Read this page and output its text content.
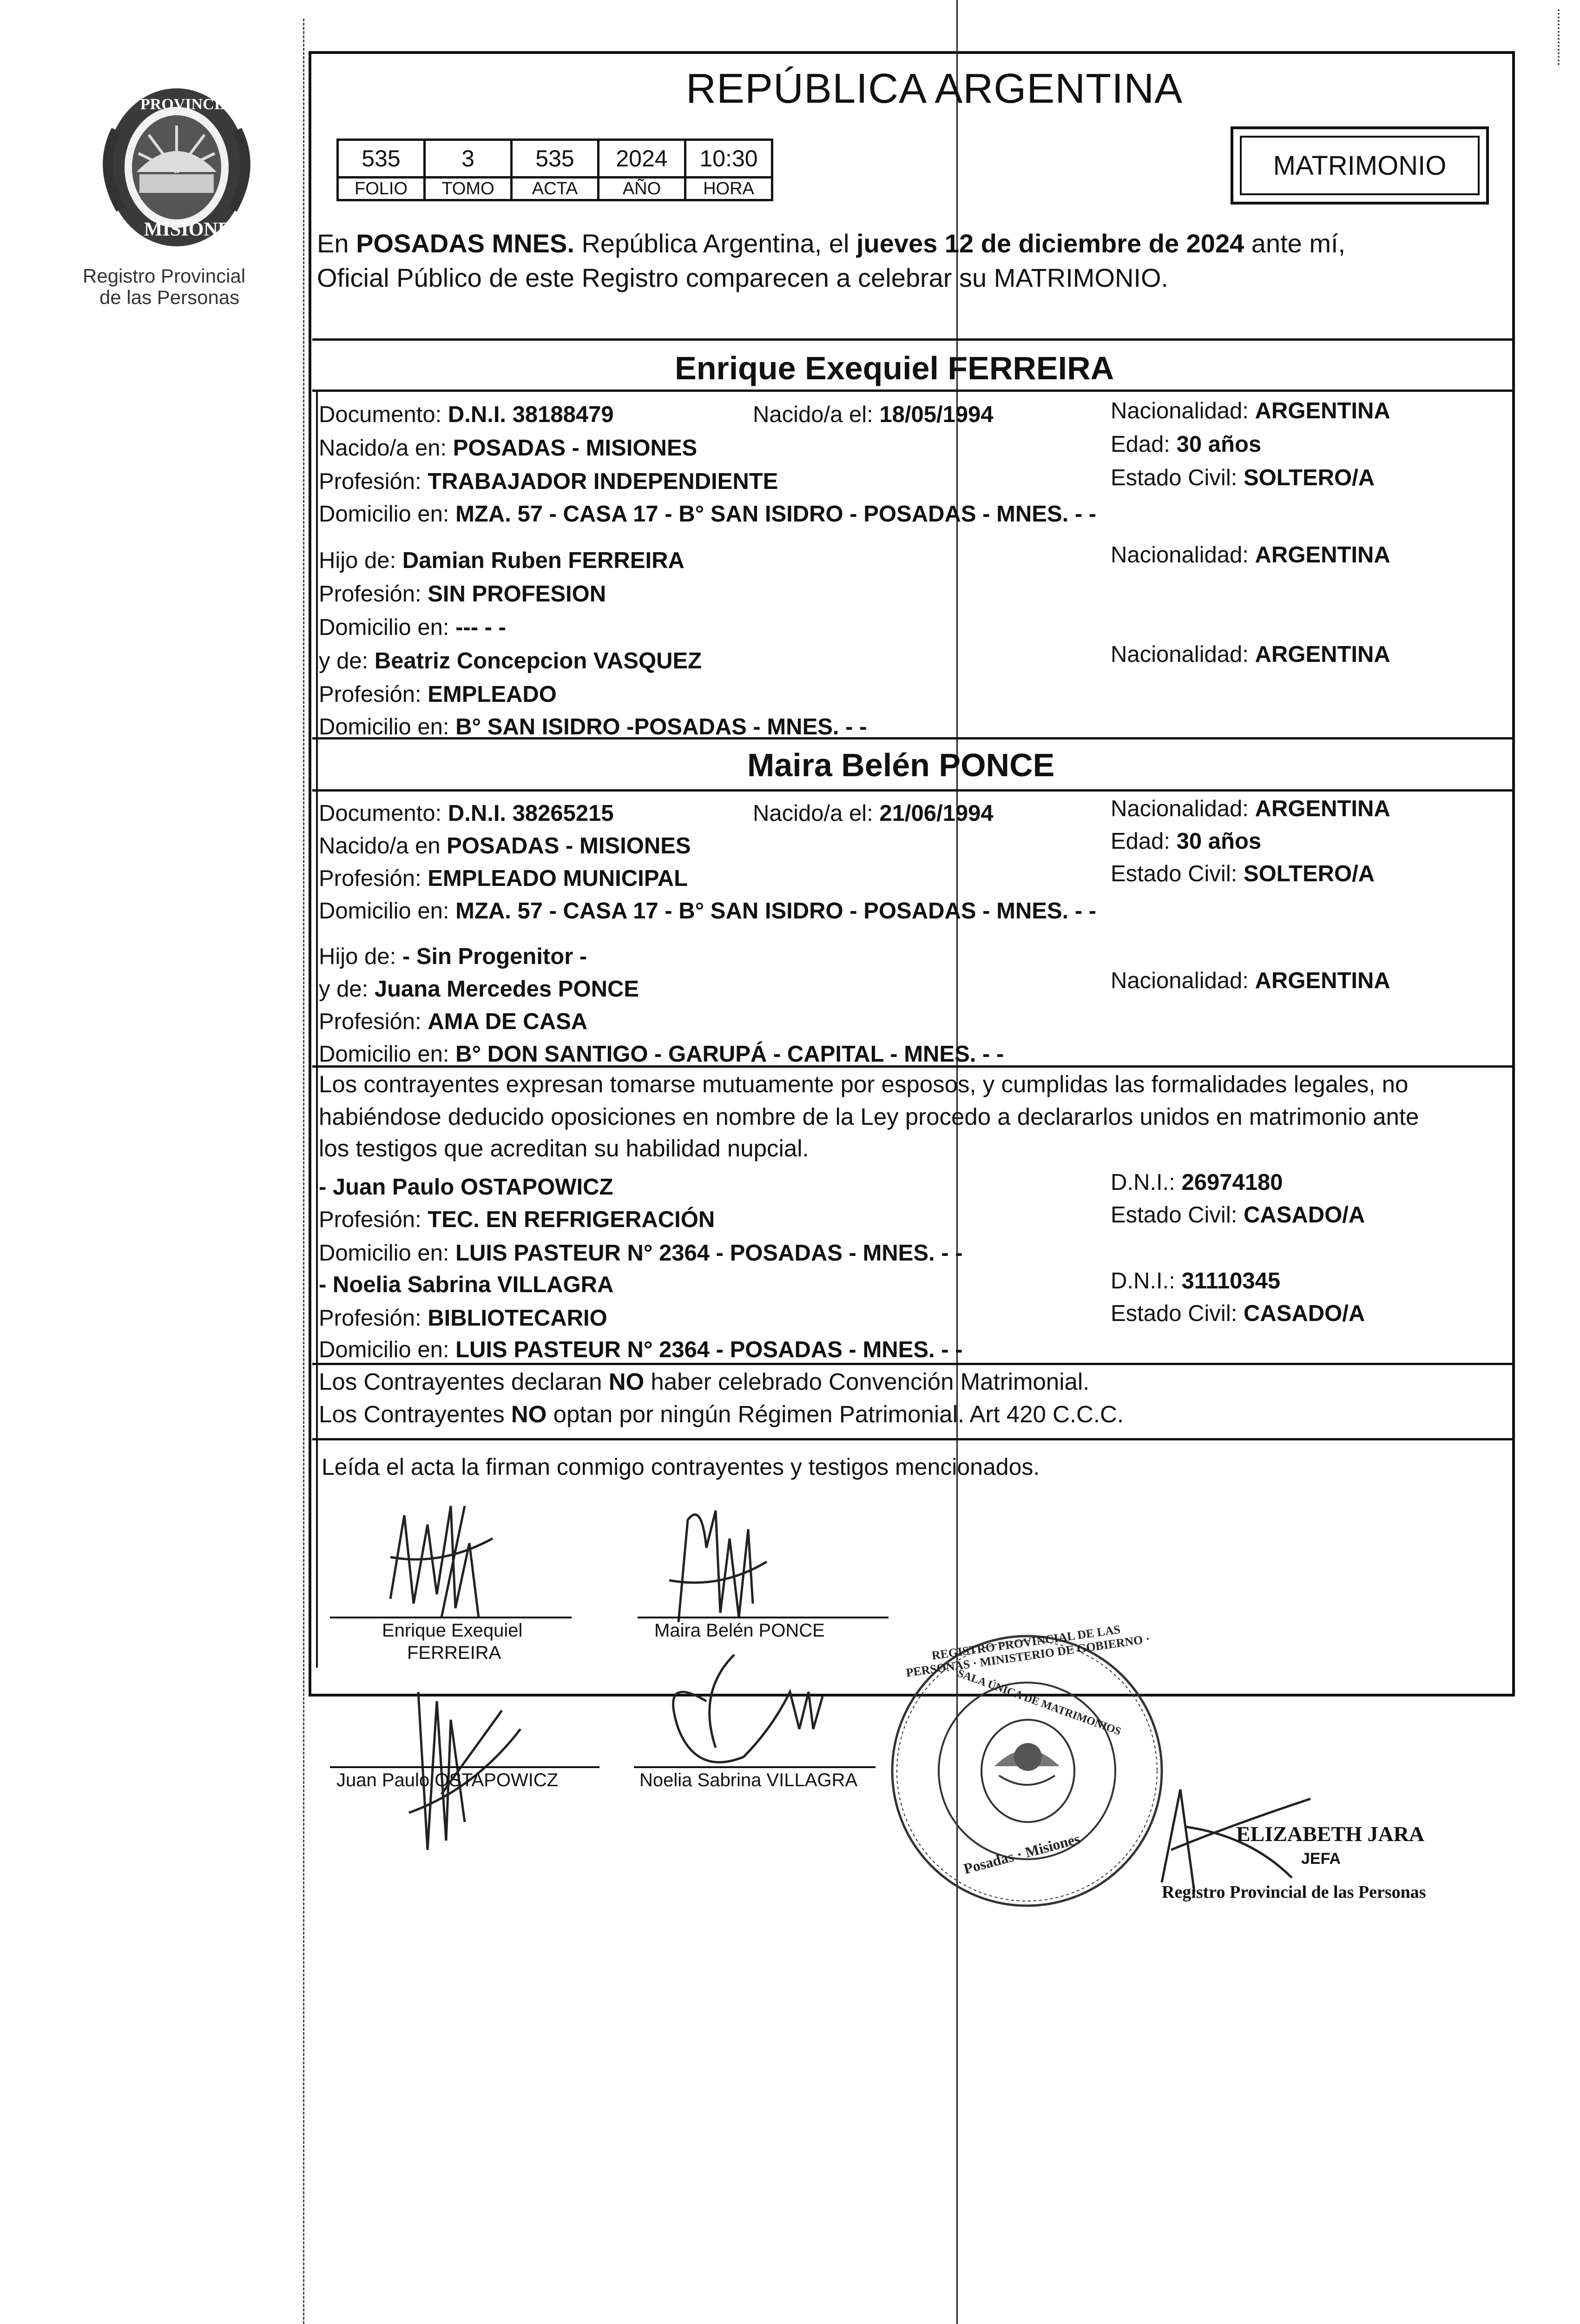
PROVINCIA DE
MISIONES
Registro Provincial
de las Personas
REPÚBLICA ARGENTINA
535	3	535	2024	10:30
FOLIO	TOMO	ACTA	AÑO	HORA
MATRIMONIO
En POSADAS MNES. República Argentina, el jueves 12 de diciembre de 2024 ante mí,
Oficial Público de este Registro comparecen a celebrar su MATRIMONIO.
Enrique Exequiel FERREIRA
Documento: D.N.I. 38188479	Nacido/a el: 18/05/1994	Nacionalidad: ARGENTINA
Nacido/a en: POSADAS - MISIONES	Edad: 30 años
Profesión: TRABAJADOR INDEPENDIENTE	Estado Civil: SOLTERO/A
Domicilio en: MZA. 57 - CASA 17 - B° SAN ISIDRO - POSADAS - MNES. - -
Hijo de: Damian Ruben FERREIRA	Nacionalidad: ARGENTINA
Profesión: SIN PROFESION
Domicilio en: --- - -
y de: Beatriz Concepcion VASQUEZ	Nacionalidad: ARGENTINA
Profesión: EMPLEADO
Domicilio en: B° SAN ISIDRO -POSADAS - MNES. - -
Maira Belén PONCE
Documento: D.N.I. 38265215	Nacido/a el: 21/06/1994	Nacionalidad: ARGENTINA
Nacido/a en POSADAS - MISIONES	Edad: 30 años
Profesión: EMPLEADO MUNICIPAL	Estado Civil: SOLTERO/A
Domicilio en: MZA. 57 - CASA 17 - B° SAN ISIDRO - POSADAS - MNES. - -
Hijo de: - Sin Progenitor -
y de: Juana Mercedes PONCE	Nacionalidad: ARGENTINA
Profesión: AMA DE CASA
Domicilio en: B° DON SANTIGO - GARUPÁ - CAPITAL - MNES. - -
Los contrayentes expresan tomarse mutuamente por esposos, y cumplidas las formalidades legales, no
habiéndose deducido oposiciones en nombre de la Ley procedo a declararlos unidos en matrimonio ante
los testigos que acreditan su habilidad nupcial.
- Juan Paulo OSTAPOWICZ	D.N.I.: 26974180
Profesión: TEC. EN REFRIGERACIÓN	Estado Civil: CASADO/A
Domicilio en: LUIS PASTEUR N° 2364 - POSADAS - MNES. - -
- Noelia Sabrina VILLAGRA	D.N.I.: 31110345
Profesión: BIBLIOTECARIO	Estado Civil: CASADO/A
Domicilio en: LUIS PASTEUR N° 2364 - POSADAS - MNES. - -
Los Contrayentes declaran NO haber celebrado Convención Matrimonial.
Los Contrayentes NO optan por ningún Régimen Patrimonial. Art 420 C.C.C.
Leída el acta la firman conmigo contrayentes y testigos mencionados.
Enrique Exequiel
FERREIRA
Maira Belén PONCE
Juan Paulo OSTAPOWICZ	Noelia Sabrina VILLAGRA
REGISTRO PROVINCIAL DE LAS PERSONAS · MINISTERIO DE GOBIERNO ·
SALA ÚNICA DE MATRIMONIOS
Posadas · Misiones	ELIZABETH JARA
JEFA
Registro Provincial de las Personas
